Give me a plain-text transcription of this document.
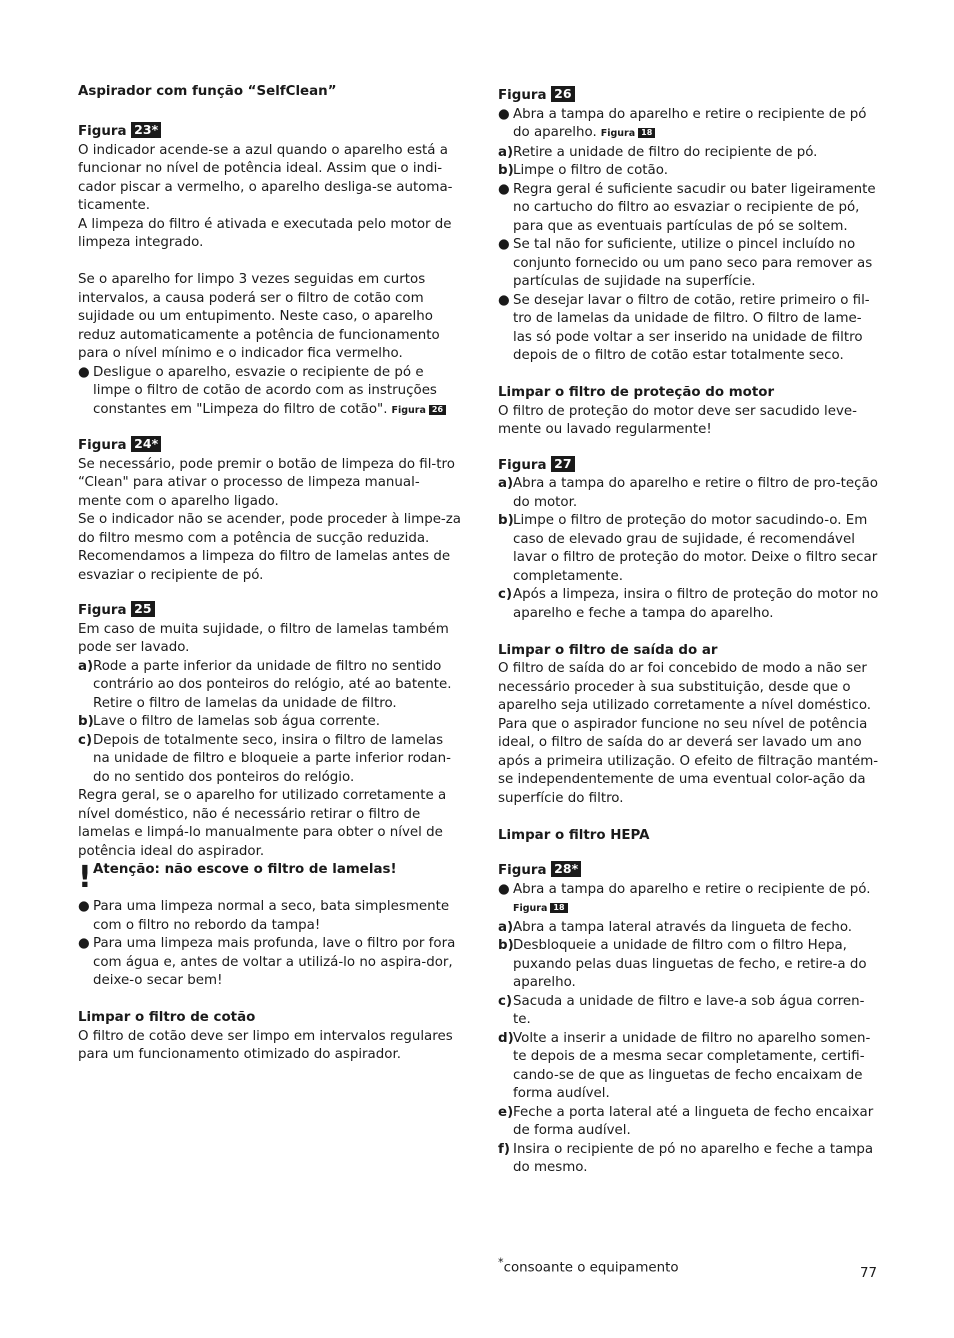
Aspirador com função “SelfClean”
Figura 23*
O indicador acende-se a azul quando o aparelho está a funcionar no nível de potência ideal. Assim que o indi-cador piscar a vermelho, o aparelho desliga-se automa-ticamente.
A limpeza do filtro é ativada e executada pelo motor de limpeza integrado.
Se o aparelho for limpo 3 vezes seguidas em curtos intervalos, a causa poderá ser o filtro de cotão com sujidade ou um entupimento. Neste caso, o aparelho reduz automaticamente a potência de funcionamento para o nível mínimo e o indicador fica vermelho.
● Desligue o aparelho, esvazie o recipiente de pó e limpe o filtro de cotão de acordo com as instruções constantes em "Limpeza do filtro de cotão". Figura 26
Figura 24*
Se necessário, pode premir o botão de limpeza do fil-tro “Clean" para ativar o processo de limpeza manual-mente com o aparelho ligado.
Se o indicador não se acender, pode proceder à limpe-za do filtro mesmo com a potência de sucção reduzida. Recomendamos a limpeza do filtro de lamelas antes de esvaziar o recipiente de pó.
Figura 25
Em caso de muita sujidade, o filtro de lamelas também pode ser lavado.
a) Rode a parte inferior da unidade de filtro no sentido contrário ao dos ponteiros do relógio, até ao batente. Retire o filtro de lamelas da unidade de filtro.
b) Lave o filtro de lamelas sob água corrente.
c) Depois de totalmente seco, insira o filtro de lamelas na unidade de filtro e bloqueie a parte inferior rodan-do no sentido dos ponteiros do relógio.
Regra geral, se o aparelho for utilizado corretamente a nível doméstico, não é necessário retirar o filtro de lamelas e limpá-lo manualmente para obter o nível de potência ideal do aspirador.
! Atenção: não escove o filtro de lamelas!
● Para uma limpeza normal a seco, bata simplesmente com o filtro no rebordo da tampa!
● Para uma limpeza mais profunda, lave o filtro por fora com água e, antes de voltar a utilizá-lo no aspira-dor, deixe-o secar bem!
Limpar o filtro de cotão
O filtro de cotão deve ser limpo em intervalos regulares para um funcionamento otimizado do aspirador.
Figura 26
● Abra a tampa do aparelho e retire o recipiente de pó do aparelho. Figura 18
a) Retire a unidade de filtro do recipiente de pó.
b) Limpe o filtro de cotão.
● Regra geral é suficiente sacudir ou bater ligeiramente no cartucho do filtro ao esvaziar o recipiente de pó, para que as eventuais partículas de pó se soltem.
● Se tal não for suficiente, utilize o pincel incluído no conjunto fornecido ou um pano seco para remover as partículas de sujidade na superfície.
● Se desejar lavar o filtro de cotão, retire primeiro o fil-tro de lamelas da unidade de filtro. O filtro de lame-las só pode voltar a ser inserido na unidade de filtro depois de o filtro de cotão estar totalmente seco.
Limpar o filtro de proteção do motor
O filtro de proteção do motor deve ser sacudido leve-mente ou lavado regularmente!
Figura 27
a) Abra a tampa do aparelho e retire o filtro de pro-teção do motor.
b) Limpe o filtro de proteção do motor sacudindo-o. Em caso de elevado grau de sujidade, é recomendável lavar o filtro de proteção do motor. Deixe o filtro secar completamente.
c) Após a limpeza, insira o filtro de proteção do motor no aparelho e feche a tampa do aparelho.
Limpar o filtro de saída do ar
O filtro de saída do ar foi concebido de modo a não ser necessário proceder à sua substituição, desde que o aparelho seja utilizado corretamente a nível doméstico. Para que o aspirador funcione no seu nível de potência ideal, o filtro de saída do ar deverá ser lavado um ano após a primeira utilização. O efeito de filtração mantém-se independentemente de uma eventual color-ação da superfície do filtro.
Limpar o filtro HEPA
Figura 28*
● Abra a tampa do aparelho e retire o recipiente de pó.
Figura 18
a) Abra a tampa lateral através da lingueta de fecho.
b) Desbloqueie a unidade de filtro com o filtro Hepa, puxando pelas duas linguetas de fecho, e retire-a do aparelho.
c) Sacuda a unidade de filtro e lave-a sob água corren-te.
d) Volte a inserir a unidade de filtro no aparelho somen-te depois de a mesma secar completamente, certifi-cando-se de que as linguetas de fecho encaixam de forma audível.
e) Feche a porta lateral até a lingueta de fecho encaixar de forma audível.
f) Insira o recipiente de pó no aparelho e feche a tampa do mesmo.
*consoante o equipamento	77
